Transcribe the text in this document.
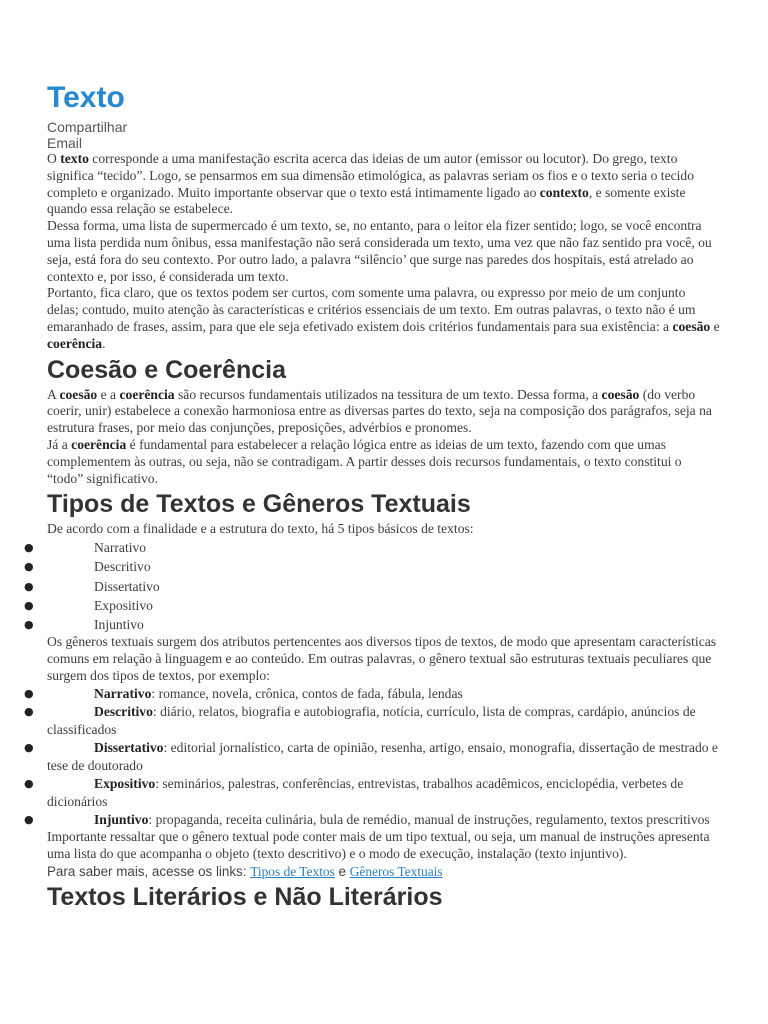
Texto
Compartilhar
Email

O texto corresponde a uma manifestação escrita acerca das ideias de um autor (emissor ou locutor). Do grego, texto significa “tecido”. Logo, se pensarmos em sua dimensão etimológica, as palavras seriam os fios e o texto seria o tecido completo e organizado. Muito importante observar que o texto está intimamente ligado ao contexto, e somente existe quando essa relação se estabelece.

Dessa forma, uma lista de supermercado é um texto, se, no entanto, para o leitor ela fizer sentido; logo, se você encontra uma lista perdida num ônibus, essa manifestação não será considerada um texto, uma vez que não faz sentido pra você, ou seja, está fora do seu contexto. Por outro lado, a palavra “silêncio’ que surge nas paredes dos hospitais, está atrelado ao contexto e, por isso, é considerada um texto.

Portanto, fica claro, que os textos podem ser curtos, com somente uma palavra, ou expresso por meio de um conjunto delas; contudo, muito atenção às características e critérios essenciais de um texto. Em outras palavras, o texto não é um emaranhado de frases, assim, para que ele seja efetivado existem dois critérios fundamentais para sua existência: a coesão e coerência.

Coesão e Coerência

A coesão e a coerência são recursos fundamentais utilizados na tessitura de um texto. Dessa forma, a coesão (do verbo coerir, unir) estabelece a conexão harmoniosa entre as diversas partes do texto, seja na composição dos parágrafos, seja na estrutura frases, por meio das conjunções, preposições, advérbios e pronomes.

Já a coerência é fundamental para estabelecer a relação lógica entre as ideias de um texto, fazendo com que umas complementem às outras, ou seja, não se contradigam. A partir desses dois recursos fundamentais, o texto constitui o “todo” significativo.

Tipos de Textos e Gêneros Textuais

De acordo com a finalidade e a estrutura do texto, há 5 tipos básicos de textos:

●	Narrativo
●	Descritivo
●	Dissertativo
●	Expositivo
●	Injuntivo

Os gêneros textuais surgem dos atributos pertencentes aos diversos tipos de textos, de modo que apresentam características comuns em relação à linguagem e ao conteúdo. Em outras palavras, o gênero textual são estruturas textuais peculiares que surgem dos tipos de textos, por exemplo:

●	Narrativo: romance, novela, crônica, contos de fada, fábula, lendas
●	Descritivo: diário, relatos, biografia e autobiografia, notícia, currículo, lista de compras, cardápio, anúncios de classificados
●	Dissertativo: editorial jornalístico, carta de opinião, resenha, artigo, ensaio, monografia, dissertação de mestrado e tese de doutorado
●	Expositivo: seminários, palestras, conferências, entrevistas, trabalhos acadêmicos, enciclopédia, verbetes de dicionários
●	Injuntivo: propaganda, receita culinária, bula de remédio, manual de instruções, regulamento, textos prescritivos

Importante ressaltar que o gênero textual pode conter mais de um tipo textual, ou seja, um manual de instruções apresenta uma lista do que acompanha o objeto (texto descritivo) e o modo de execução, instalação (texto injuntivo).

Para saber mais, acesse os links: Tipos de Textos e Gêneros Textuais
Textos Literários e Não Literários
